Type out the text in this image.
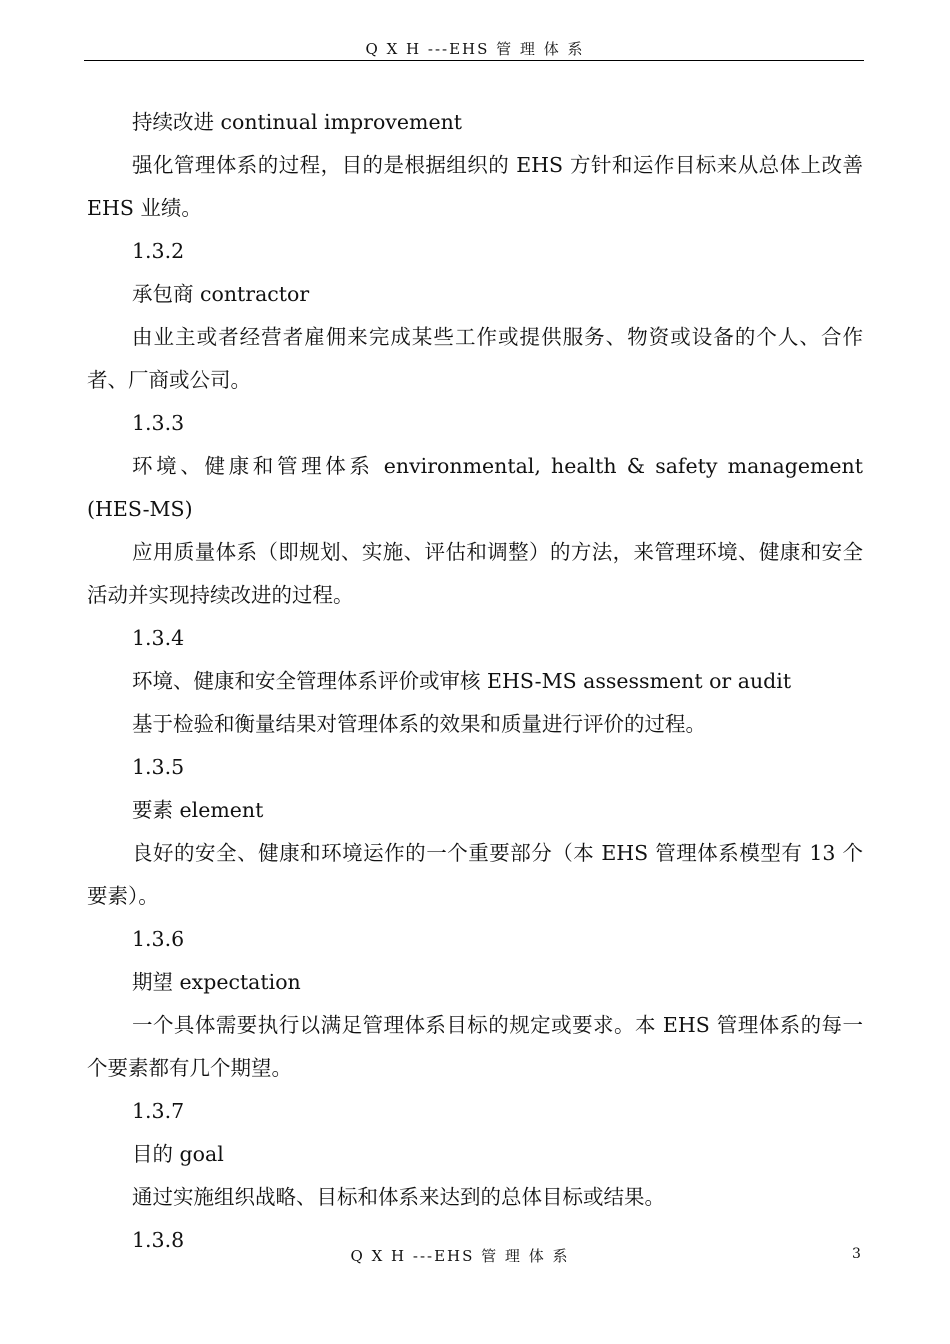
Q X H ---EHS 管 理 体 系

持续改进 continual improvement

强化管理体系的过程，目的是根据组织的 EHS 方针和运作目标来从总体上改善 EHS 业绩。

1.3.2

承包商 contractor

由业主或者经营者雇佣来完成某些工作或提供服务、物资或设备的个人、合作者、厂商或公司。

1.3.3

环境、健康和管理体系 environmental, health & safety management (HES-MS)

应用质量体系（即规划、实施、评估和调整）的方法，来管理环境、健康和安全活动并实现持续改进的过程。

1.3.4

环境、健康和安全管理体系评价或审核 EHS-MS assessment or audit

基于检验和衡量结果对管理体系的效果和质量进行评价的过程。

1.3.5

要素 element

良好的安全、健康和环境运作的一个重要部分（本 EHS 管理体系模型有 13 个要素）。

1.3.6

期望 expectation

一个具体需要执行以满足管理体系目标的规定或要求。本 EHS 管理体系的每一个要素都有几个期望。

1.3.7

目的 goal

通过实施组织战略、目标和体系来达到的总体目标或结果。

1.3.8

Q X H ---EHS 管 理 体 系	3
